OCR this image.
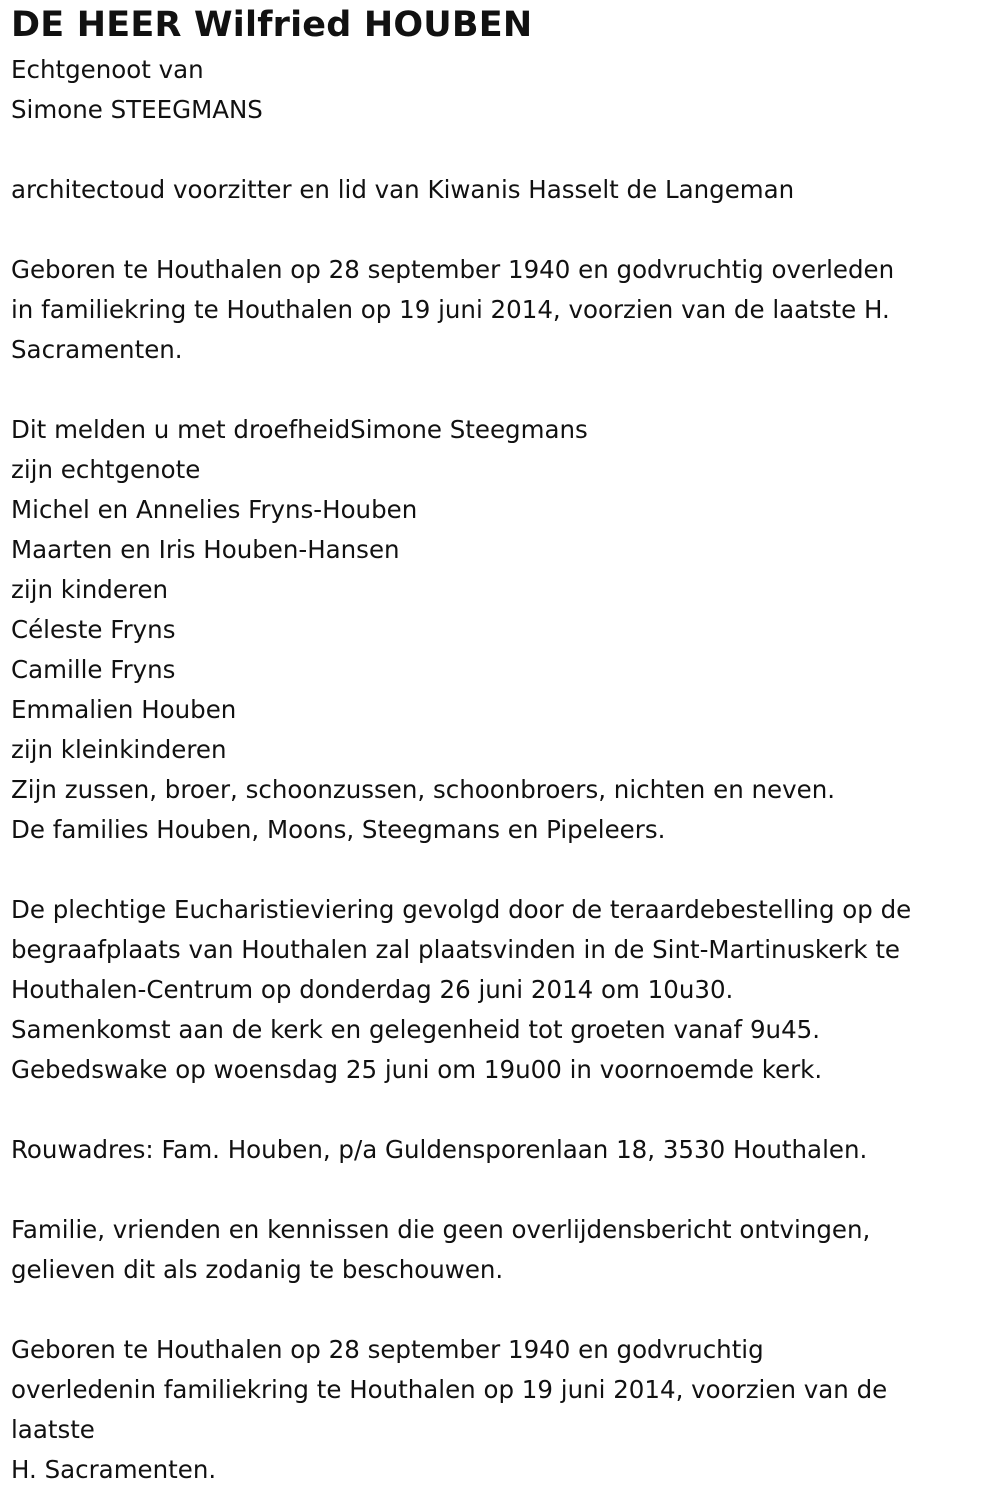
DE HEER Wilfried HOUBEN
Echtgenoot van
Simone STEEGMANS
architectoud voorzitter en lid van Kiwanis Hasselt de Langeman
Geboren te Houthalen op 28 september 1940 en godvruchtig overleden
in familiekring te Houthalen op 19 juni 2014, voorzien van de laatste H.
Sacramenten.
Dit melden u met droefheidSimone Steegmans
zijn echtgenote
Michel en Annelies Fryns-Houben
Maarten en Iris Houben-Hansen
zijn kinderen
Céleste Fryns
Camille Fryns
Emmalien Houben
zijn kleinkinderen
Zijn zussen, broer, schoonzussen, schoonbroers, nichten en neven.
De families Houben, Moons, Steegmans en Pipeleers.
De plechtige Eucharistieviering gevolgd door de teraardebestelling op de
begraafplaats van Houthalen zal plaatsvinden in de Sint-Martinuskerk te
Houthalen-Centrum op donderdag 26 juni 2014 om 10u30.
Samenkomst aan de kerk en gelegenheid tot groeten vanaf 9u45.
Gebedswake op woensdag 25 juni om 19u00 in voornoemde kerk.
Rouwadres: Fam. Houben, p/a Guldensporenlaan 18, 3530 Houthalen.
Familie, vrienden en kennissen die geen overlijdensbericht ontvingen,
gelieven dit als zodanig te beschouwen.
Geboren te Houthalen op 28 september 1940 en godvruchtig
overledenin familiekring te Houthalen op 19 juni 2014, voorzien van de
laatste
H. Sacramenten.
